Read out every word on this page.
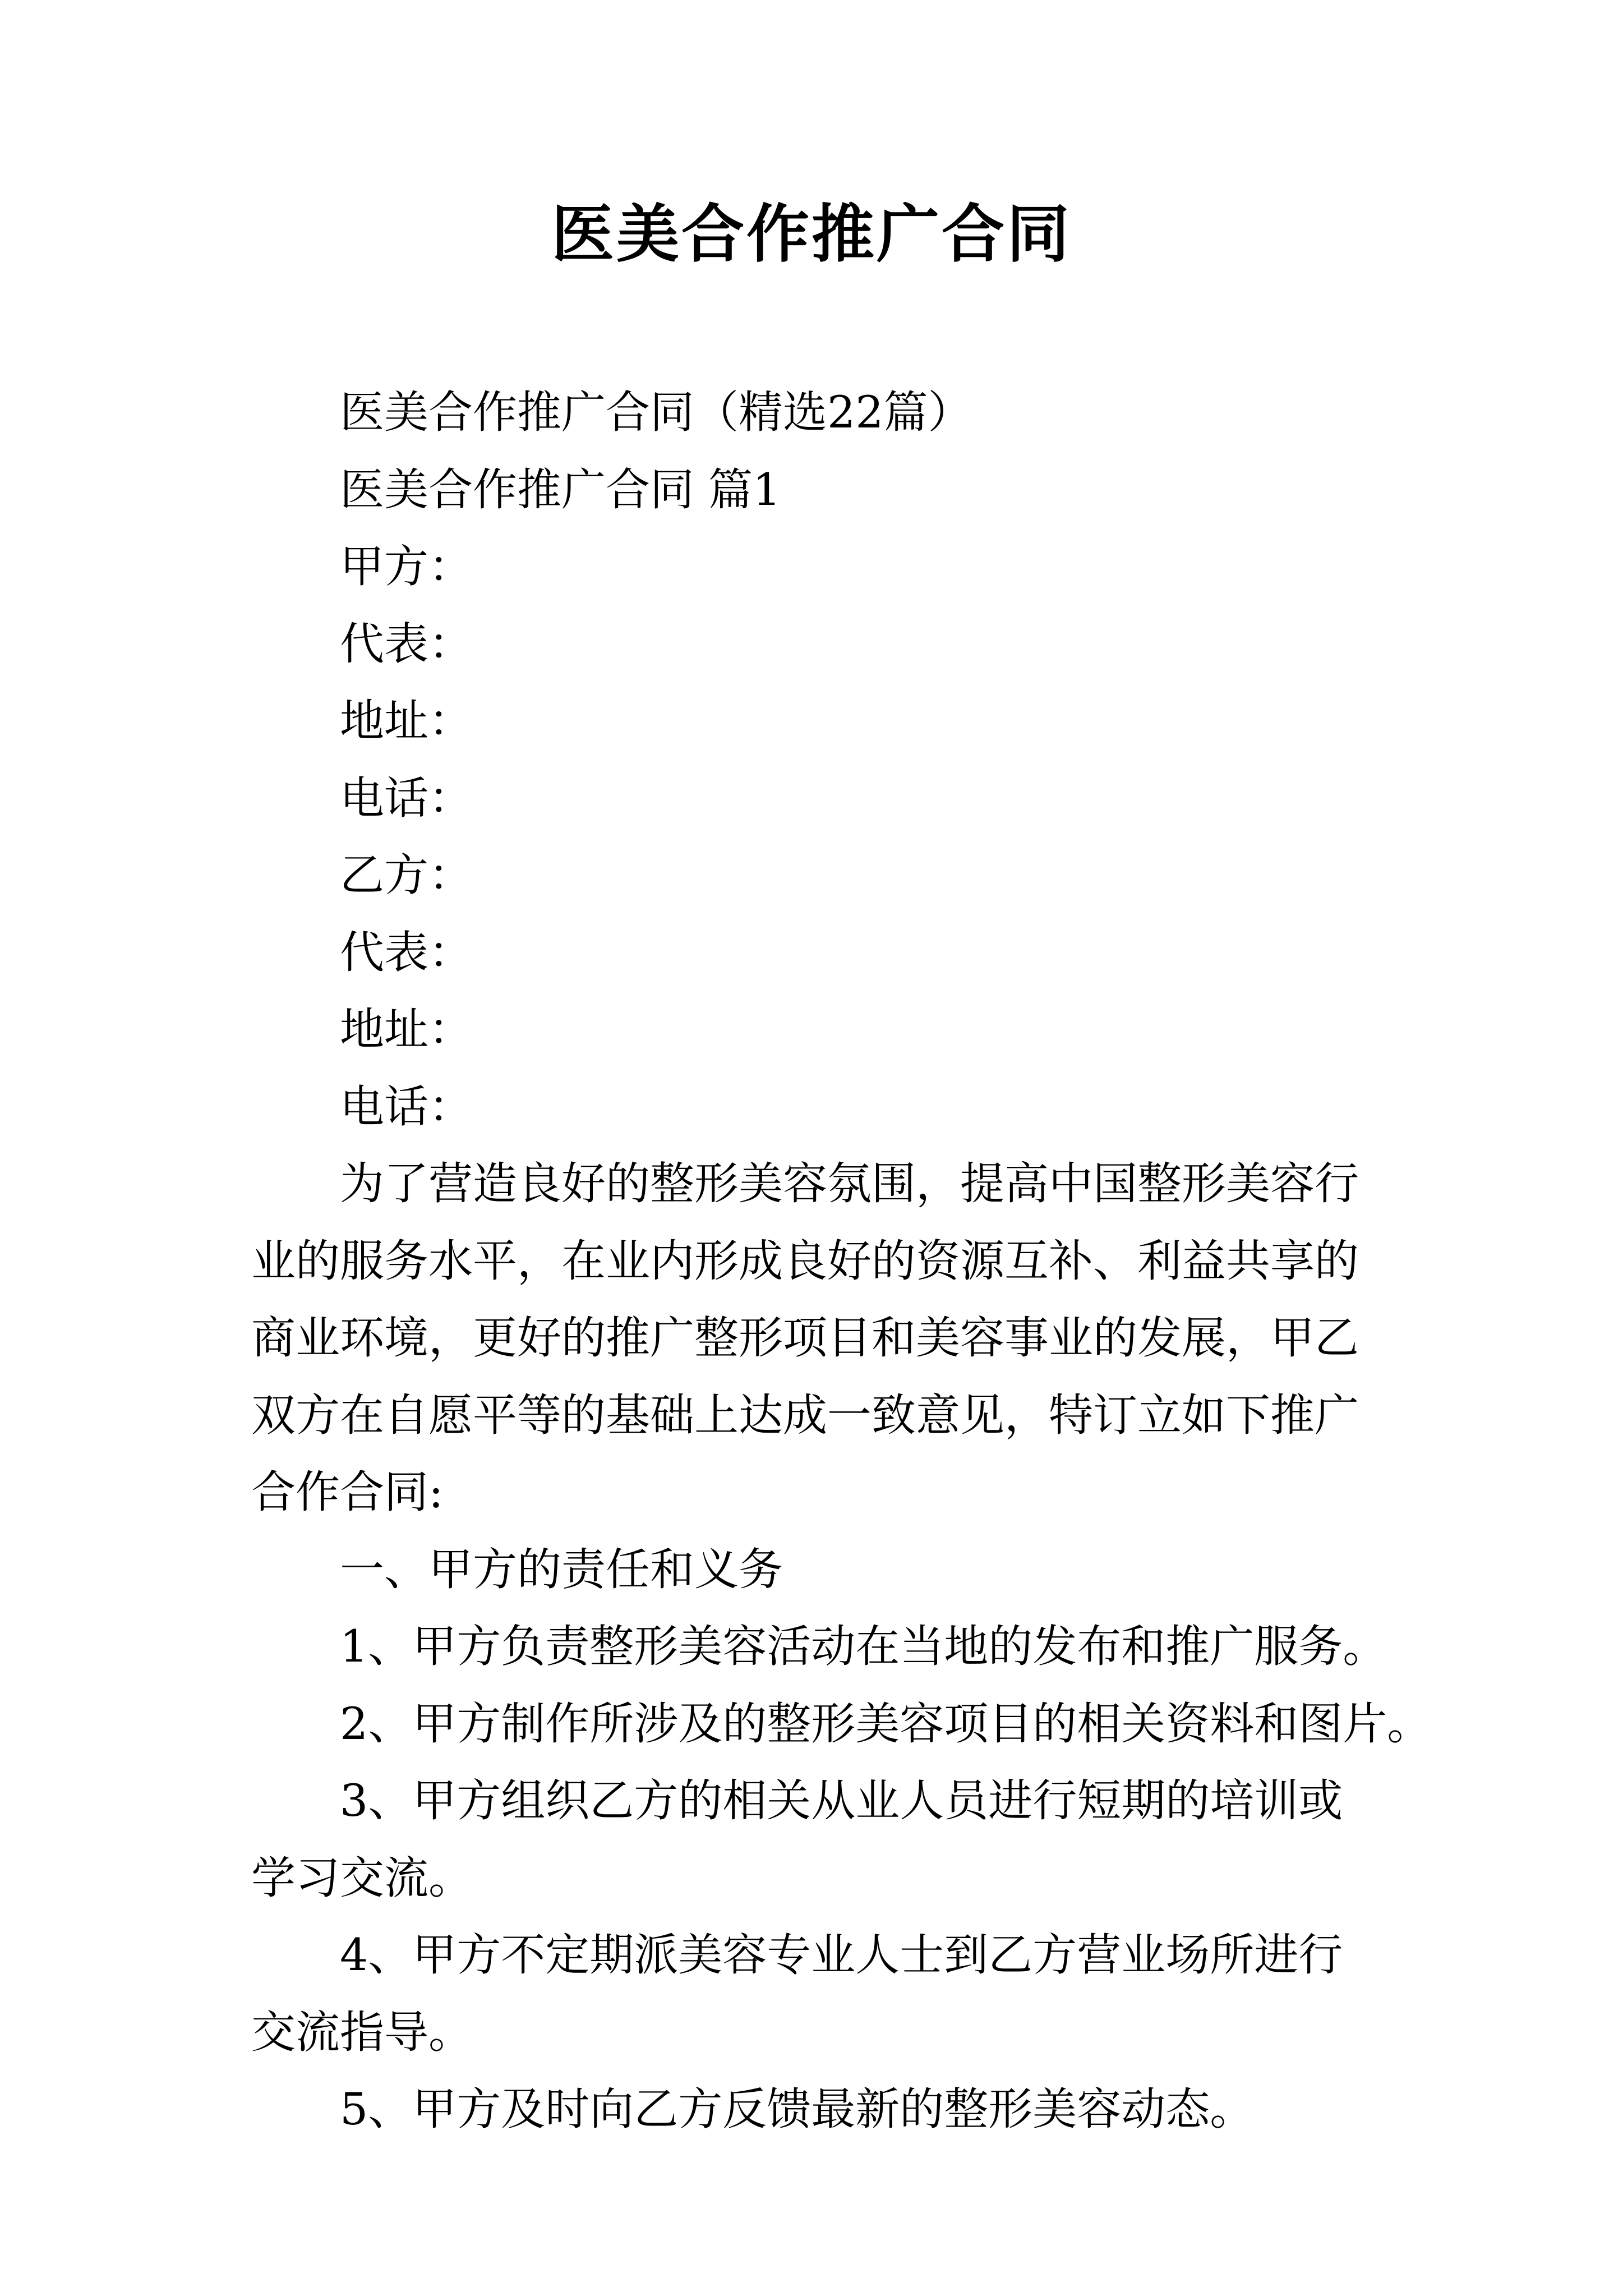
医美合作推广合同

医美合作推广合同（精选22篇）

医美合作推广合同 篇1

甲方：

代表：

地址：

电话：

乙方：

代表：

地址：

电话：

为了营造良好的整形美容氛围，提高中国整形美容行业的服务水平，在业内形成良好的资源互补、利益共享的商业环境，更好的推广整形项目和美容事业的发展，甲乙双方在自愿平等的基础上达成一致意见，特订立如下推广合作合同:

一、甲方的责任和义务

1、甲方负责整形美容活动在当地的发布和推广服务。

2、甲方制作所涉及的整形美容项目的相关资料和图片。

3、甲方组织乙方的相关从业人员进行短期的培训或学习交流。

4、甲方不定期派美容专业人士到乙方营业场所进行交流指导。

5、甲方及时向乙方反馈最新的整形美容动态。
